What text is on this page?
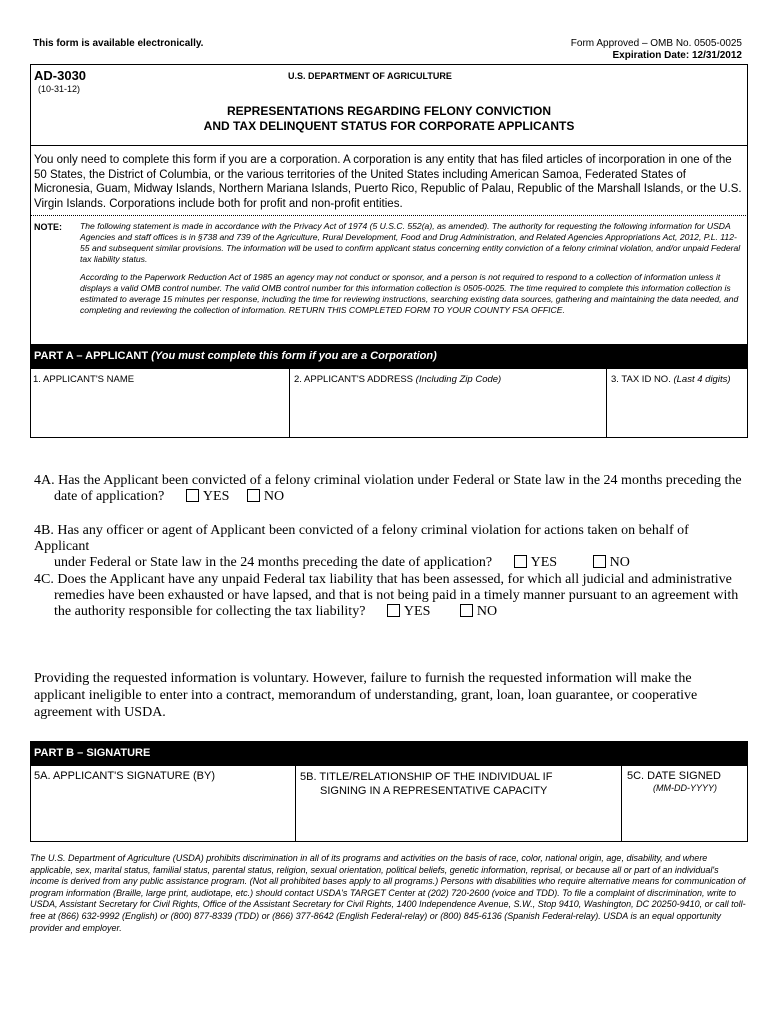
This form is available electronically.	Form Approved – OMB No. 0505-0025
Expiration Date: 12/31/2012
AD-3030
(10-31-12)
U.S. DEPARTMENT OF AGRICULTURE
REPRESENTATIONS REGARDING FELONY CONVICTION
AND TAX DELINQUENT STATUS FOR CORPORATE APPLICANTS
You only need to complete this form if you are a corporation. A corporation is any entity that has filed articles of incorporation in one of the 50 States, the District of Columbia, or the various territories of the United States including American Samoa, Federated States of Micronesia, Guam, Midway Islands, Northern Mariana Islands, Puerto Rico, Republic of Palau, Republic of the Marshall Islands, or the U.S. Virgin Islands. Corporations include both for profit and non-profit entities.
NOTE: The following statement is made in accordance with the Privacy Act of 1974 (5 U.S.C. 552(a), as amended). The authority for requesting the following information for USDA Agencies and staff offices is in §738 and 739 of the Agriculture, Rural Development, Food and Drug Administration, and Related Agencies Appropriations Act, 2012, P.L. 112-55 and subsequent similar provisions. The information will be used to confirm applicant status concerning entity conviction of a felony criminal violation, and/or unpaid Federal tax liability status.
According to the Paperwork Reduction Act of 1985 an agency may not conduct or sponsor, and a person is not required to respond to a collection of information unless it displays a valid OMB control number. The valid OMB control number for this information collection is 0505-0025. The time required to complete this information collection is estimated to average 15 minutes per response, including the time for reviewing instructions, searching existing data sources, gathering and maintaining the data needed, and completing and reviewing the collection of information. RETURN THIS COMPLETED FORM TO YOUR COUNTY FSA OFFICE.
PART A – APPLICANT (You must complete this form if you are a Corporation)
1. APPLICANT'S NAME	2. APPLICANT'S ADDRESS (Including Zip Code)	3. TAX ID NO. (Last 4 digits)
4A. Has the Applicant been convicted of a felony criminal violation under Federal or State law in the 24 months preceding the
date of application?	YES NO
4B. Has any officer or agent of Applicant been convicted of a felony criminal violation for actions taken on behalf of Applicant
under Federal or State law in the 24 months preceding the date of application?	YES	NO
4C. Does the Applicant have any unpaid Federal tax liability that has been assessed, for which all judicial and administrative
remedies have been exhausted or have lapsed, and that is not being paid in a timely manner pursuant to an agreement with
the authority responsible for collecting the tax liability?	YES	NO
Providing the requested information is voluntary. However, failure to furnish the requested information will make the applicant ineligible to enter into a contract, memorandum of understanding, grant, loan, loan guarantee, or cooperative agreement with USDA.
PART B – SIGNATURE
5A. APPLICANT'S SIGNATURE (BY)	5B. TITLE/RELATIONSHIP OF THE INDIVIDUAL IF
SIGNING IN A REPRESENTATIVE CAPACITY
5C. DATE SIGNED
(MM-DD-YYYY)
The U.S. Department of Agriculture (USDA) prohibits discrimination in all of its programs and activities on the basis of race, color, national origin, age, disability, and where applicable, sex, marital status, familial status, parental status, religion, sexual orientation, political beliefs, genetic information, reprisal, or because all or part of an individual's income is derived from any public assistance program. (Not all prohibited bases apply to all programs.) Persons with disabilities who require alternative means for communication of program information (Braille, large print, audiotape, etc.) should contact USDA's TARGET Center at (202) 720-2600 (voice and TDD). To file a complaint of discrimination, write to USDA, Assistant Secretary for Civil Rights, Office of the Assistant Secretary for Civil Rights, 1400 Independence Avenue, S.W., Stop 9410, Washington, DC 20250-9410, or call toll-free at (866) 632-9992 (English) or (800) 877-8339 (TDD) or (866) 377-8642 (English Federal-relay) or (800) 845-6136 (Spanish Federal-relay). USDA is an equal opportunity provider and employer.
